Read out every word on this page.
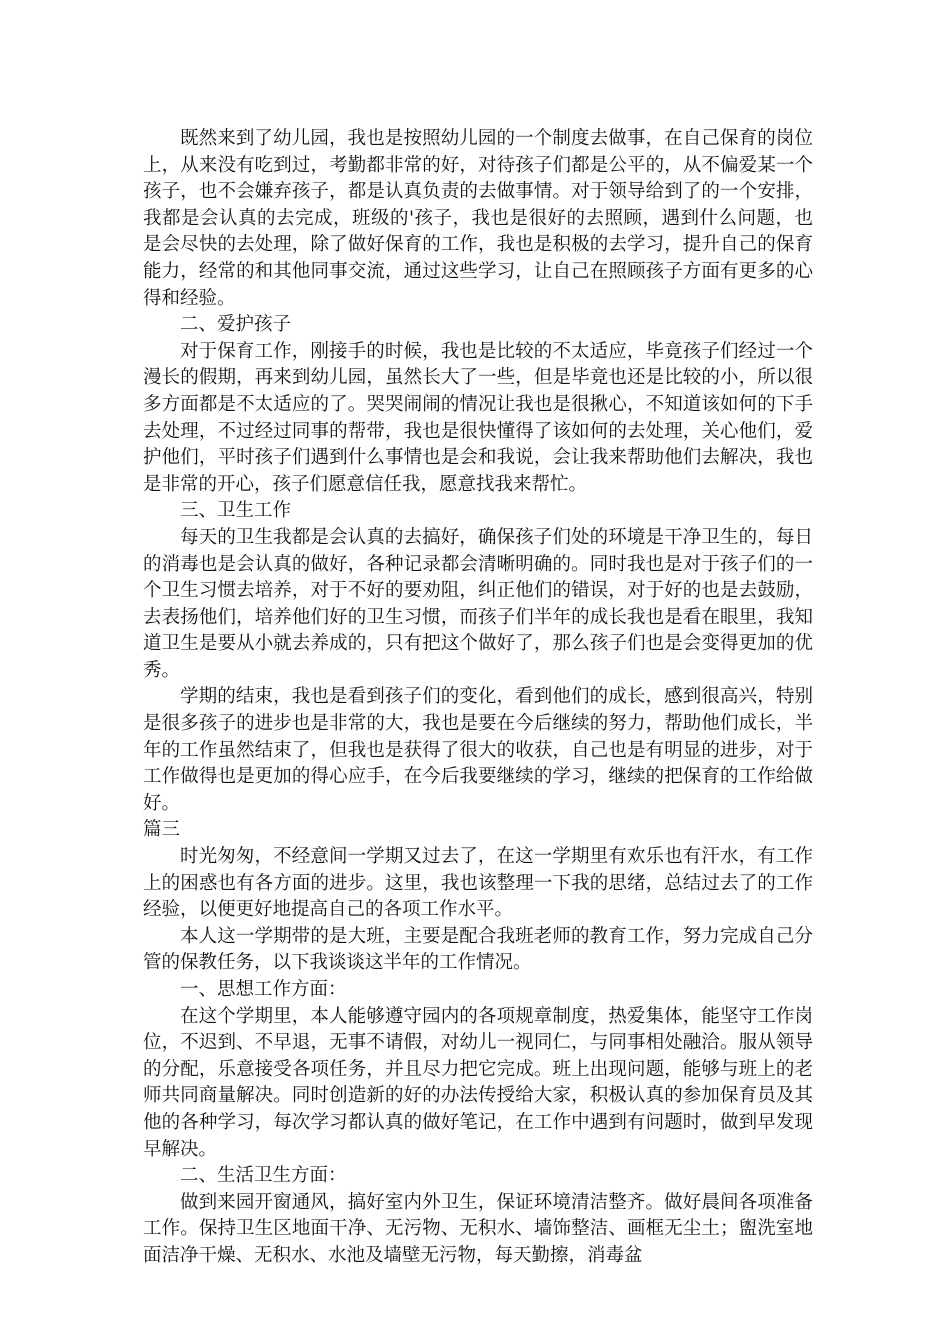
既然来到了幼儿园，我也是按照幼儿园的一个制度去做事，在自己保育的岗位上，从来没有吃到过，考勤都非常的好，对待孩子们都是公平的，从不偏爱某一个孩子，也不会嫌弃孩子，都是认真负责的去做事情。对于领导给到了的一个安排，我都是会认真的去完成，班级的'孩子，我也是很好的去照顾，遇到什么问题，也是会尽快的去处理，除了做好保育的工作，我也是积极的去学习，提升自己的保育能力，经常的和其他同事交流，通过这些学习，让自己在照顾孩子方面有更多的心得和经验。

二、爱护孩子

对于保育工作，刚接手的时候，我也是比较的不太适应，毕竟孩子们经过一个漫长的假期，再来到幼儿园，虽然长大了一些，但是毕竟也还是比较的小，所以很多方面都是不太适应的了。哭哭闹闹的情况让我也是很揪心，不知道该如何的下手去处理，不过经过同事的帮带，我也是很快懂得了该如何的去处理，关心他们，爱护他们，平时孩子们遇到什么事情也是会和我说，会让我来帮助他们去解决，我也是非常的开心，孩子们愿意信任我，愿意找我来帮忙。

三、卫生工作

每天的卫生我都是会认真的去搞好，确保孩子们处的环境是干净卫生的，每日的消毒也是会认真的做好，各种记录都会清晰明确的。同时我也是对于孩子们的一个卫生习惯去培养，对于不好的要劝阻，纠正他们的错误，对于好的也是去鼓励，去表扬他们，培养他们好的卫生习惯，而孩子们半年的成长我也是看在眼里，我知道卫生是要从小就去养成的，只有把这个做好了，那么孩子们也是会变得更加的优秀。

学期的结束，我也是看到孩子们的变化，看到他们的成长，感到很高兴，特别是很多孩子的进步也是非常的大，我也是要在今后继续的努力，帮助他们成长，半年的工作虽然结束了，但我也是获得了很大的收获，自己也是有明显的进步，对于工作做得也是更加的得心应手，在今后我要继续的学习，继续的把保育的工作给做好。

篇三

时光匆匆，不经意间一学期又过去了，在这一学期里有欢乐也有汗水，有工作上的困惑也有各方面的进步。这里，我也该整理一下我的思绪，总结过去了的工作经验，以便更好地提高自己的各项工作水平。

本人这一学期带的是大班，主要是配合我班老师的教育工作，努力完成自己分管的保教任务，以下我谈谈这半年的工作情况。

一、思想工作方面：

在这个学期里，本人能够遵守园内的各项规章制度，热爱集体，能坚守工作岗位，不迟到、不早退，无事不请假，对幼儿一视同仁，与同事相处融洽。服从领导的分配，乐意接受各项任务，并且尽力把它完成。班上出现问题，能够与班上的老师共同商量解决。同时创造新的好的办法传授给大家，积极认真的参加保育员及其他的各种学习，每次学习都认真的做好笔记，在工作中遇到有问题时，做到早发现早解决。

二、生活卫生方面：

做到来园开窗通风，搞好室内外卫生，保证环境清洁整齐。做好晨间各项准备工作。保持卫生区地面干净、无污物、无积水、墙饰整洁、画框无尘土；盥洗室地面洁净干燥、无积水、水池及墙壁无污物，每天勤擦，消毒盆
